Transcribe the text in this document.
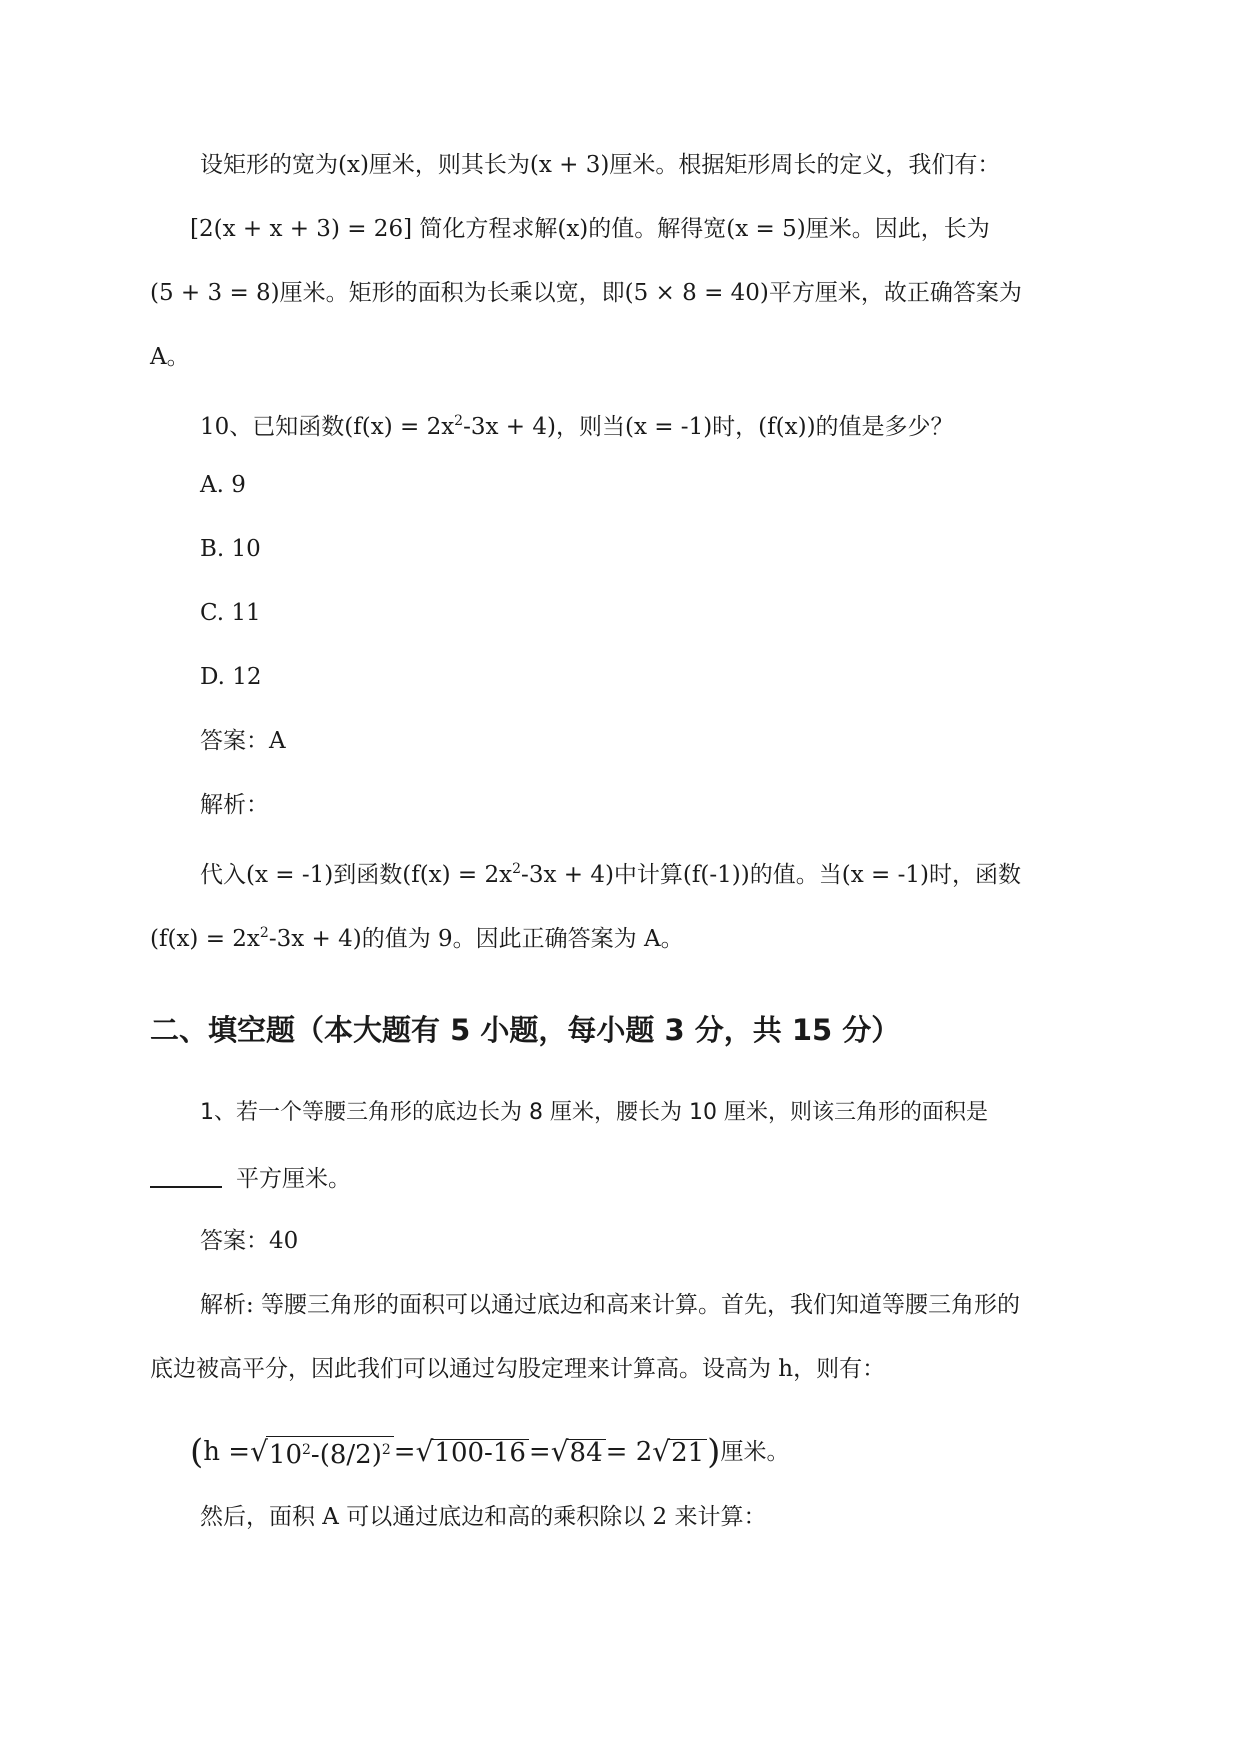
设矩形的宽为(x)厘米，则其长为(x + 3)厘米。根据矩形周长的定义，我们有：
[2(x + x + 3) = 26] 简化方程求解(x)的值。解得宽(x = 5)厘米。因此，长为
(5 + 3 = 8)厘米。矩形的面积为长乘以宽，即(5 × 8 = 40)平方厘米，故正确答案为
A。
10、已知函数$(f(x) = 2x^2-3x + 4)$，则当(x = -1)时，(f(x))的值是多少？
A. 9
B. 10
C. 11
D. 12
答案：A
解析：
代入(x = -1)到函数$(f(x) = 2x^2-3x + 4)$中计算(f(-1))的值。当(x = -1)时，函数
$(f(x) = 2x^2-3x + 4)$的值为 9。因此正确答案为 A。
二、填空题（本大题有 5 小题，每小题 3 分，共 15 分）
1、若一个等腰三角形的底边长为 8 厘米，腰长为 10 厘米，则该三角形的面积是
平方厘米。
答案：40
解析: 等腰三角形的面积可以通过底边和高来计算。首先，我们知道等腰三角形的
底边被高平分，因此我们可以通过勾股定理来计算高。设高为 h，则有：
( h = √ $10^2-(8/2)^2$ = √ 100-16 = √ 84 = 2 √ 21 ) 厘米。
然后，面积 A 可以通过底边和高的乘积除以 2 来计算：
